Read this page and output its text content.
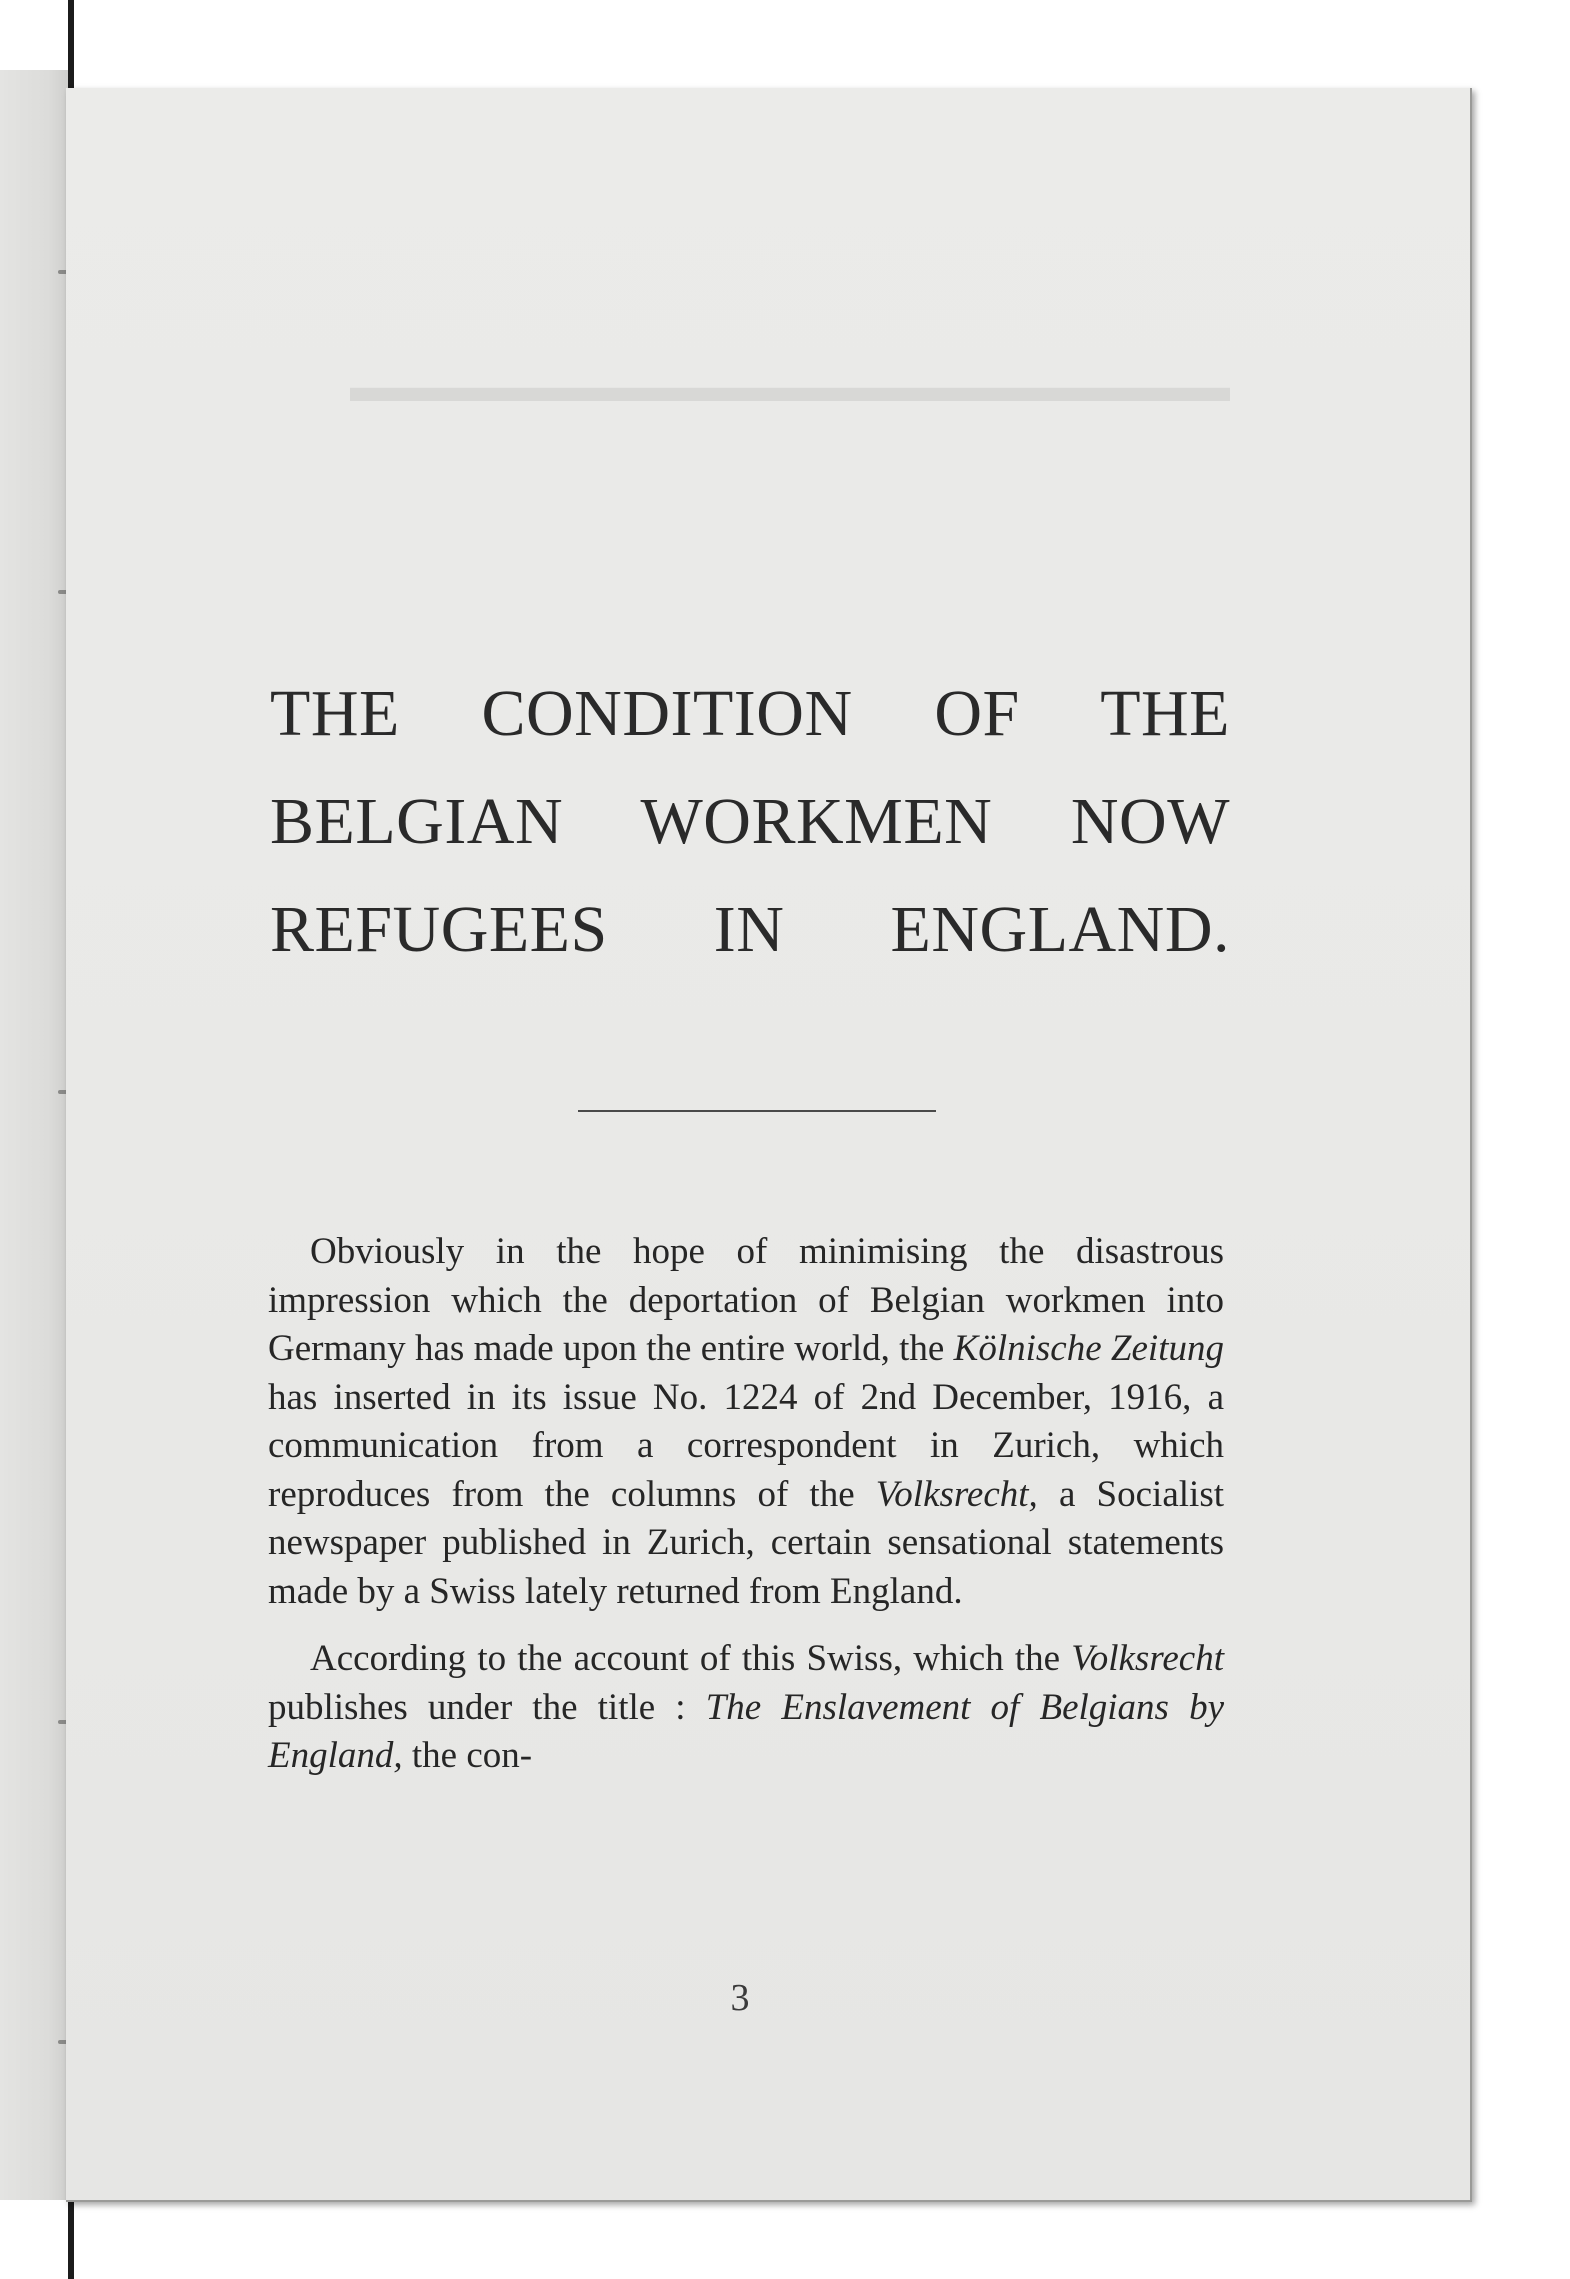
THE CONDITION OF THE
BELGIAN WORKMEN NOW
REFUGEES IN ENGLAND.

Obviously in the hope of minimising the disastrous impression which the deportation of Belgian workmen into Germany has made upon the entire world, the Kölnische Zeitung has inserted in its issue No. 1224 of 2nd December, 1916, a communication from a correspondent in Zurich, which reproduces from the columns of the Volksrecht, a Socialist newspaper published in Zurich, certain sensational statements made by a Swiss lately returned from England.

According to the account of this Swiss, which the Volksrecht publishes under the title : The Enslavement of Belgians by England, the con-

3
